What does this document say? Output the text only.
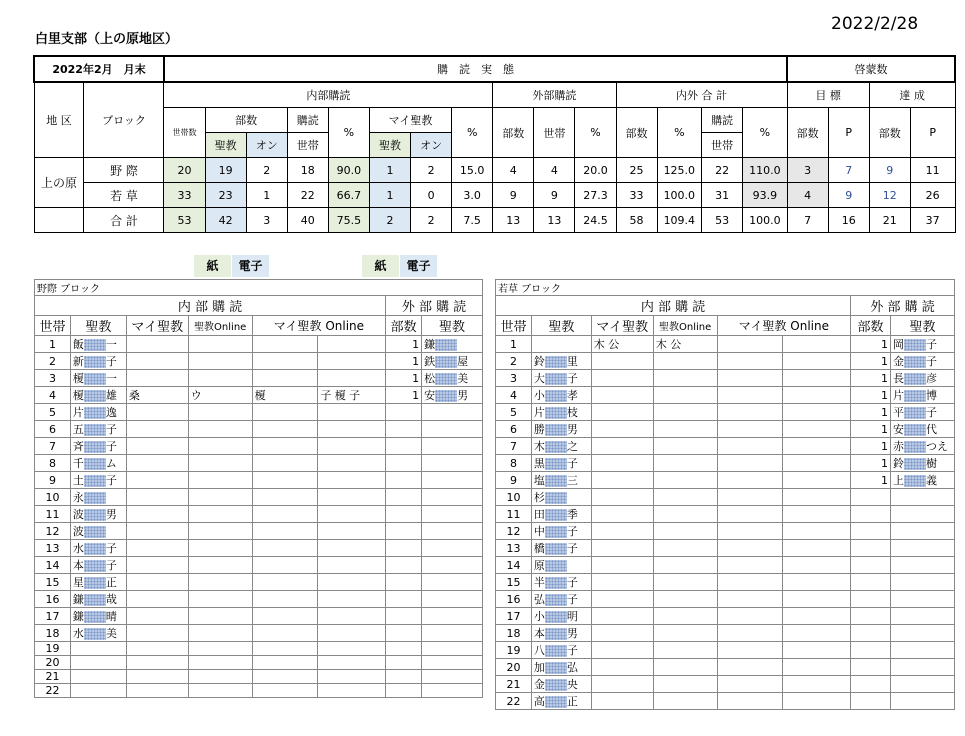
白里支部（上の原地区）
2022/2/28
2022年2月　月末		購　読　実　態															啓蒙数			
地 区	ブロック	内部購読								外部購読			内外 合 計				目 標		達 成	
		世帯数	部数		購読	%	マイ聖教		%	部数	世帯	%	部数	%	購読	%	部数	P	部数	P
			聖教	オン	世帯		聖教	オン							世帯					
上の原	野 際	20	19	2	18	90.0	1	2	15.0	4	4	20.0	25	125.0	22	110.0	3	7	9	11
	若 草	33	23	1	22	66.7	1	0	3.0	9	9	27.3	33	100.0	31	93.9	4	9	12	26
	合 計	53	42	3	40	75.5	2	2	7.5	13	13	24.5	58	109.4	53	100.0	7	16	21	37
紙	電子	紙	電子
野際 ブロック							
内 部 購 読						外 部 購 読	
世帯	聖教	マイ聖教	聖教Online	マイ聖教 Online		部数	聖教
1	飯 一					1	鎌
2	新 子					1	鉄 屋
3	榎 一					1	松 美
4	榎 雄	桑	ウ	榎	子 榎 子	1	安 男
5	片 逸						
6	五 子						
7	斉 子						
8	千 ム						
9	土 子						
10	永						
11	波 男						
12	波						
13	水 子						
14	本 子						
15	星 正						
16	鎌 哉						
17	鎌 晴						
18	水 美						
19							
20							
21							
22							
若草 ブロック							
内 部 購 読						外 部 購 読	
世帯	聖教	マイ聖教	聖教Online	マイ聖教 Online		部数	聖教
1		木 公	木 公			1	岡 子
2	鈴 里					1	金 子
3	大 子					1	長 彦
4	小 孝					1	片 博
5	片 枝					1	平 子
6	勝 男					1	安 代
7	木 之					1	赤 つえ
8	黒 子					1	鈴 樹
9	塩 三					1	上 義
10	杉						
11	田 季						
12	中 子						
13	橋 子						
14	原						
15	半 子						
16	弘 子						
17	小 明						
18	本 男						
19	八 子						
20	加 弘						
21	金 央						
22	高 正						
